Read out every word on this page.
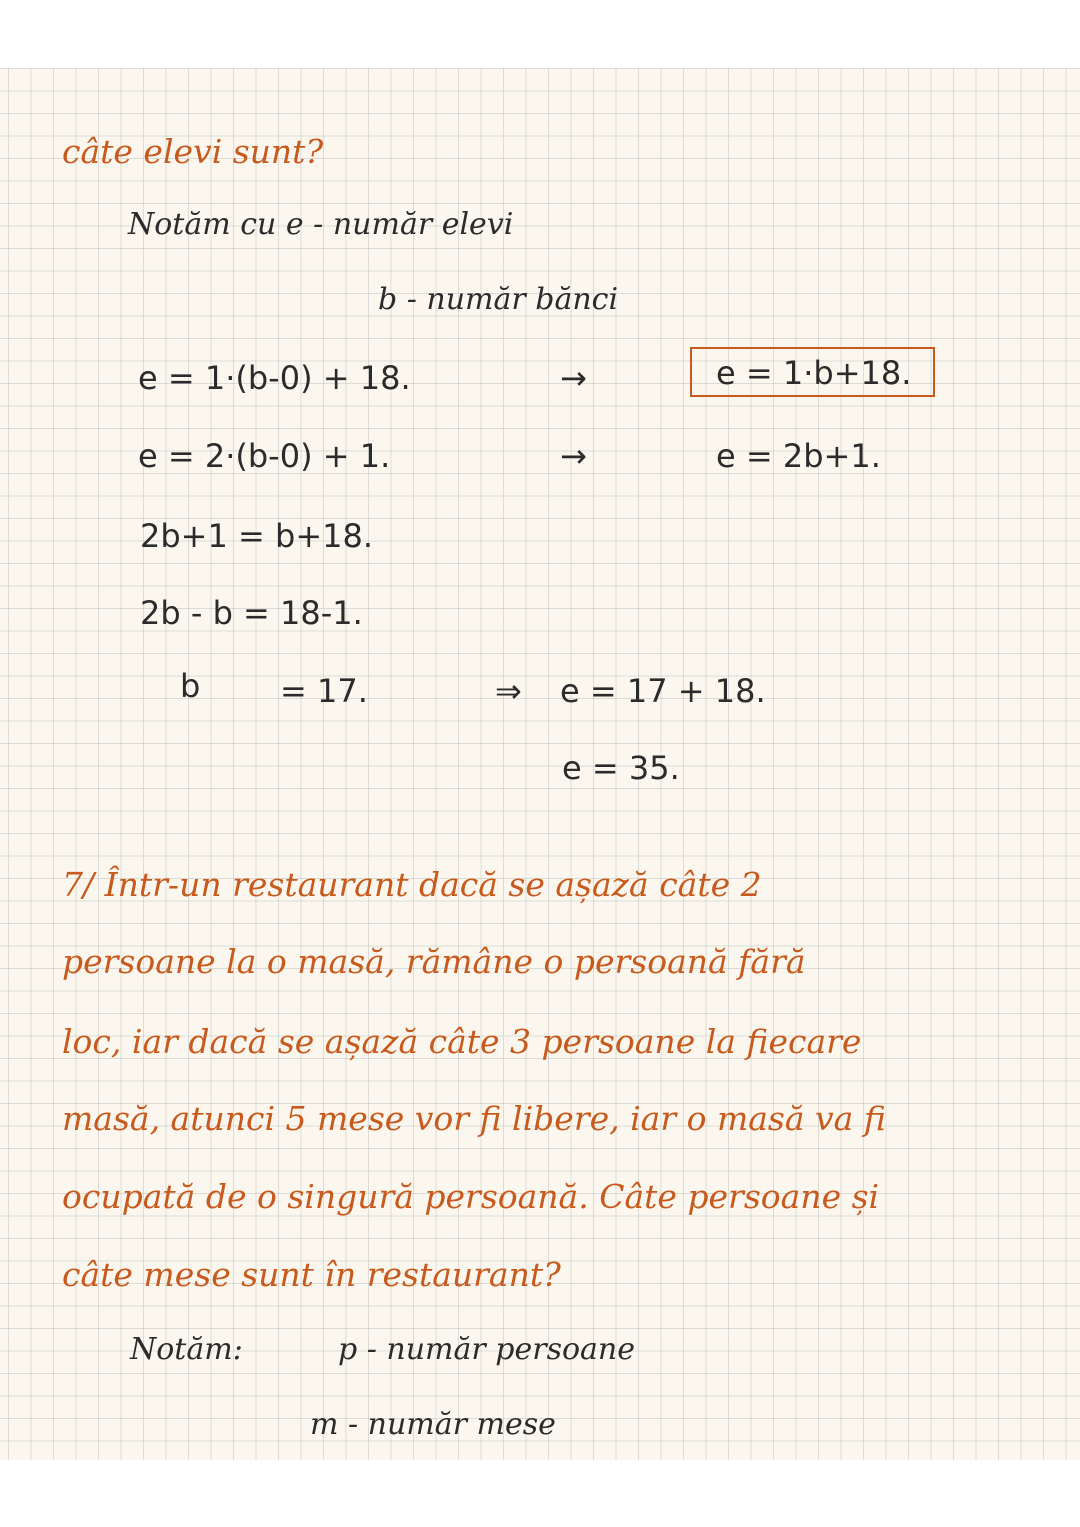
câte elevi sunt?
Notăm cu e - număr elevi
b - număr bănci
e = 1·(b-0) + 18.	→	e = 1·b+18.
e = 2·(b-0) + 1.	→	e = 2b+1.
2b+1 = b+18.
2b - b = 18-1.
b = 17.	⇒ e = 17 + 18.
e = 35.
7/ Într-un restaurant dacă se așază câte 2
persoane la o masă, rămâne o persoană fără
loc, iar dacă se așază câte 3 persoane la fiecare
masă, atunci 5 mese vor fi libere, iar o masă va fi
ocupată de o singură persoană. Câte persoane și
câte mese sunt în restaurant?
Notăm:	p - număr persoane
m - număr mese
